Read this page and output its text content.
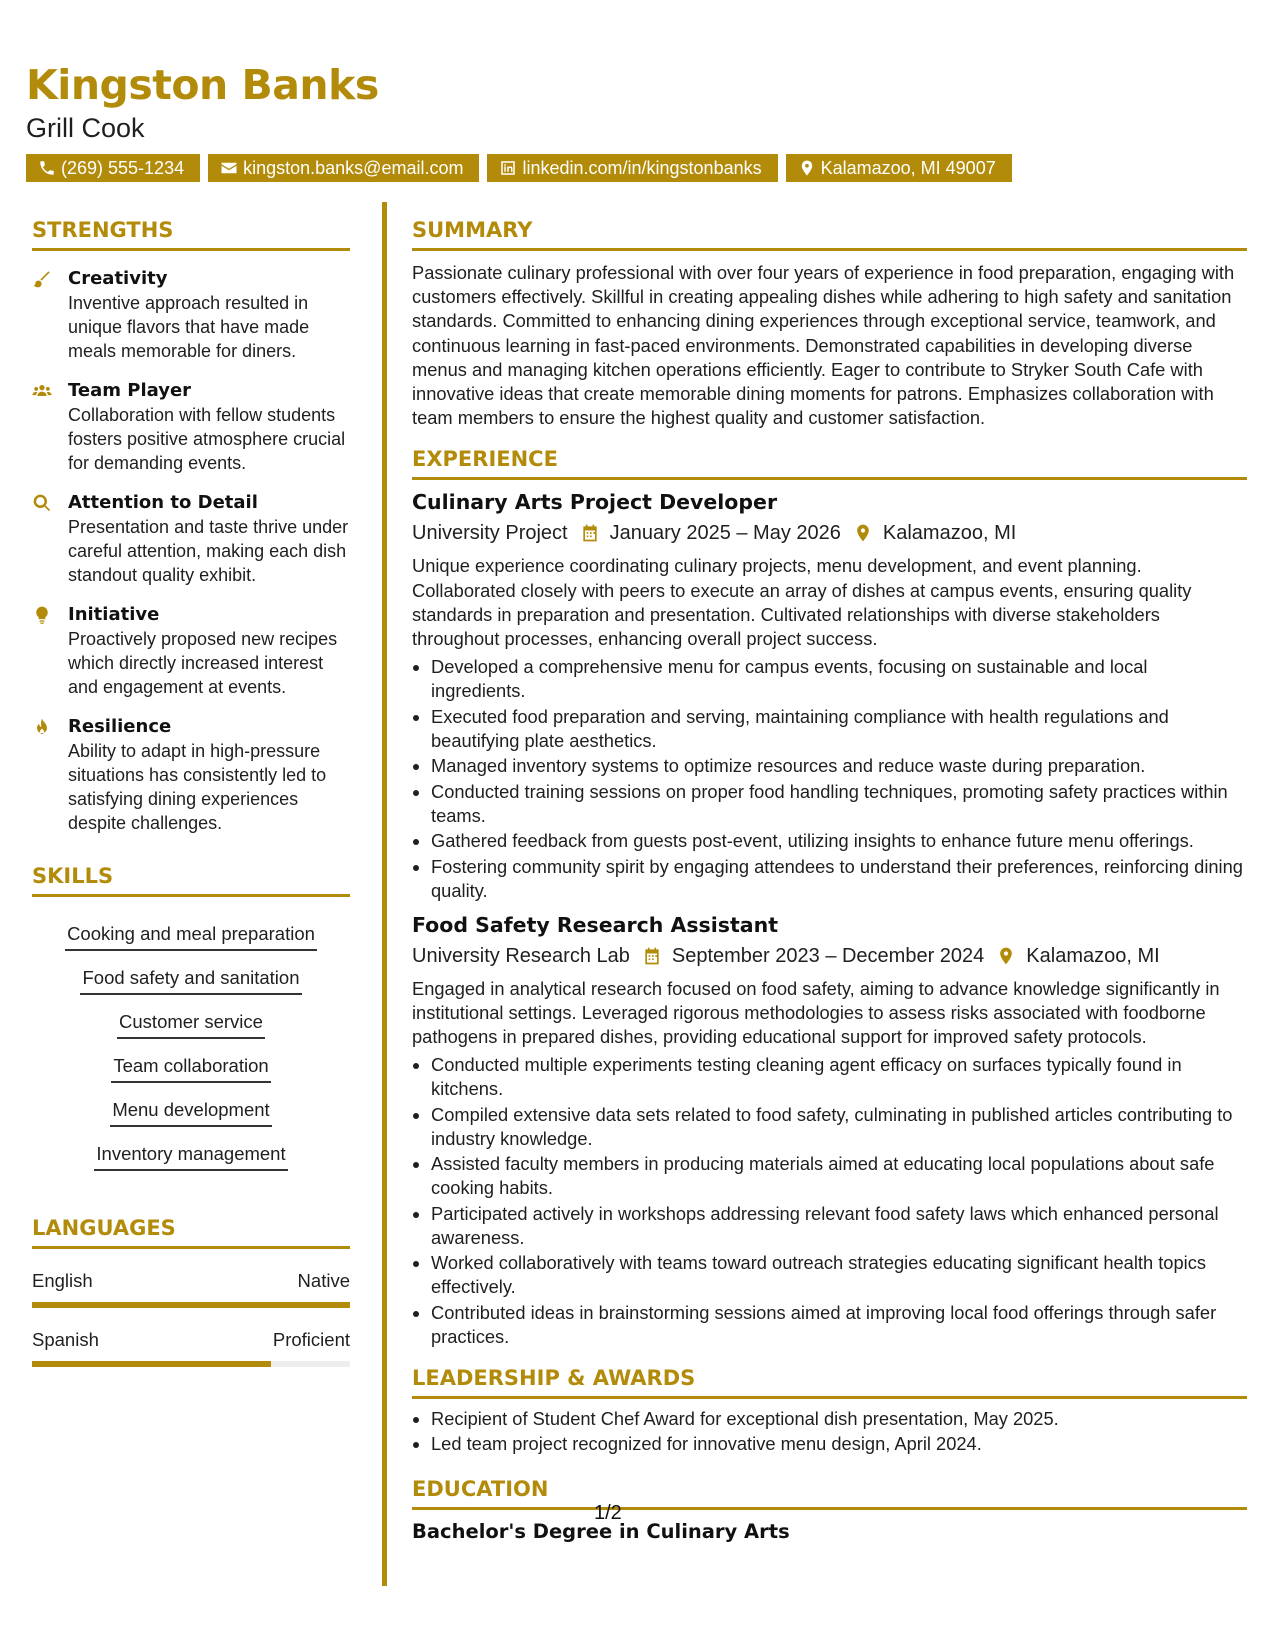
Kingston Banks
Grill Cook
(269) 555-1234	kingston.banks@email.com	linkedin.com/in/kingstonbanks	Kalamazoo, MI 49007
STRENGTHS
Creativity
Inventive approach resulted in unique flavors that have made meals memorable for diners.
Team Player
Collaboration with fellow students fosters positive atmosphere crucial for demanding events.
Attention to Detail
Presentation and taste thrive under careful attention, making each dish standout quality exhibit.
Initiative
Proactively proposed new recipes which directly increased interest and engagement at events.
Resilience
Ability to adapt in high-pressure situations has consistently led to satisfying dining experiences despite challenges.
SKILLS
Cooking and meal preparation
Food safety and sanitation
Customer service
Team collaboration
Menu development
Inventory management
LANGUAGES
English	Native
Spanish	Proficient
SUMMARY
Passionate culinary professional with over four years of experience in food preparation, engaging with customers effectively. Skillful in creating appealing dishes while adhering to high safety and sanitation standards. Committed to enhancing dining experiences through exceptional service, teamwork, and continuous learning in fast-paced environments. Demonstrated capabilities in developing diverse menus and managing kitchen operations efficiently. Eager to contribute to Stryker South Cafe with innovative ideas that create memorable dining moments for patrons. Emphasizes collaboration with team members to ensure the highest quality and customer satisfaction.
EXPERIENCE
Culinary Arts Project Developer
University Project January 2025 – May 2026 Kalamazoo, MI
Unique experience coordinating culinary projects, menu development, and event planning. Collaborated closely with peers to execute an array of dishes at campus events, ensuring quality standards in preparation and presentation. Cultivated relationships with diverse stakeholders throughout processes, enhancing overall project success.
• Developed a comprehensive menu for campus events, focusing on sustainable and local ingredients.
• Executed food preparation and serving, maintaining compliance with health regulations and beautifying plate aesthetics.
• Managed inventory systems to optimize resources and reduce waste during preparation.
• Conducted training sessions on proper food handling techniques, promoting safety practices within teams.
• Gathered feedback from guests post-event, utilizing insights to enhance future menu offerings.
• Fostering community spirit by engaging attendees to understand their preferences, reinforcing dining quality.
Food Safety Research Assistant
University Research Lab September 2023 – December 2024 Kalamazoo, MI
Engaged in analytical research focused on food safety, aiming to advance knowledge significantly in institutional settings. Leveraged rigorous methodologies to assess risks associated with foodborne pathogens in prepared dishes, providing educational support for improved safety protocols.
• Conducted multiple experiments testing cleaning agent efficacy on surfaces typically found in kitchens.
• Compiled extensive data sets related to food safety, culminating in published articles contributing to industry knowledge.
• Assisted faculty members in producing materials aimed at educating local populations about safe cooking habits.
• Participated actively in workshops addressing relevant food safety laws which enhanced personal awareness.
• Worked collaboratively with teams toward outreach strategies educating significant health topics effectively.
• Contributed ideas in brainstorming sessions aimed at improving local food offerings through safer practices.
LEADERSHIP & AWARDS
• Recipient of Student Chef Award for exceptional dish presentation, May 2025.
• Led team project recognized for innovative menu design, April 2024.
EDUCATION
Bachelor's Degree in Culinary Arts
1/2
